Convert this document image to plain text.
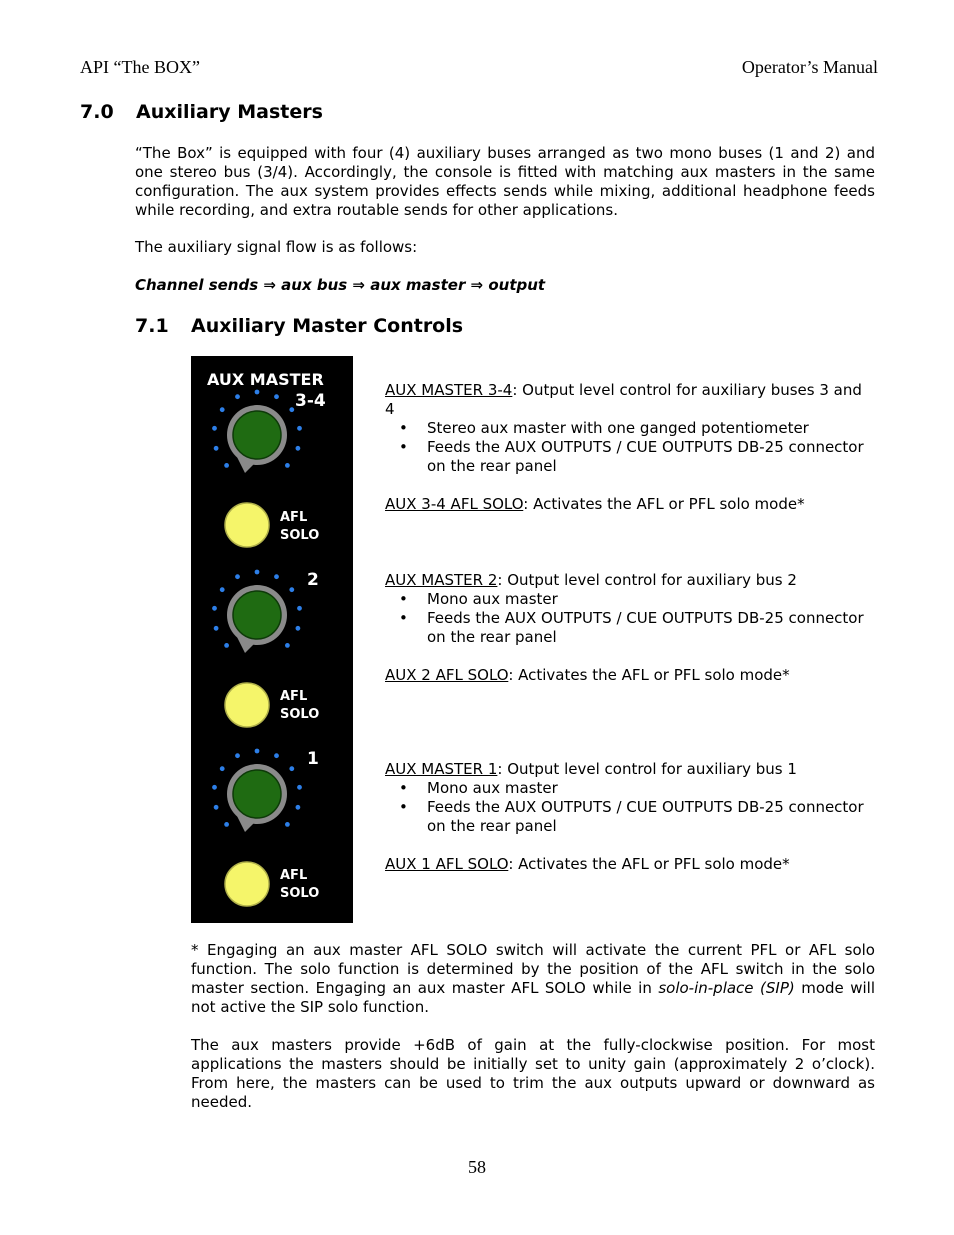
API “The BOX”	Operator’s Manual
7.0 Auxiliary Masters
“The Box” is equipped with four (4) auxiliary buses arranged as two mono buses (1 and 2) and one stereo bus (3/4). Accordingly, the console is fitted with matching aux masters in the same configuration. The aux system provides effects sends while mixing, additional headphone feeds while recording, and extra routable sends for other applications.
The auxiliary signal flow is as follows:
Channel sends ⇒ aux bus ⇒ aux master ⇒ output
7.1 Auxiliary Master Controls
AUX MASTER
3-4
2
1
AFL
SOLO
AFL
SOLO
AFL
SOLO
AUX MASTER 3-4: Output level control for auxiliary buses 3 and 4
• Stereo aux master with one ganged potentiometer
• Feeds the AUX OUTPUTS / CUE OUTPUTS DB-25 connector on the rear panel
AUX 3-4 AFL SOLO: Activates the AFL or PFL solo mode*
AUX MASTER 2: Output level control for auxiliary bus 2
• Mono aux master
• Feeds the AUX OUTPUTS / CUE OUTPUTS DB-25 connector on the rear panel
AUX 2 AFL SOLO: Activates the AFL or PFL solo mode*
AUX MASTER 1: Output level control for auxiliary bus 1
• Mono aux master
• Feeds the AUX OUTPUTS / CUE OUTPUTS DB-25 connector on the rear panel
AUX 1 AFL SOLO: Activates the AFL or PFL solo mode*
* Engaging an aux master AFL SOLO switch will activate the current PFL or AFL solo function. The solo function is determined by the position of the AFL switch in the solo master section. Engaging an aux master AFL SOLO while in solo-in-place (SIP) mode will not active the SIP solo function.
The aux masters provide +6dB of gain at the fully-clockwise position. For most applications the masters should be initially set to unity gain (approximately 2 o’clock). From here, the masters can be used to trim the aux outputs upward or downward as needed.
58
